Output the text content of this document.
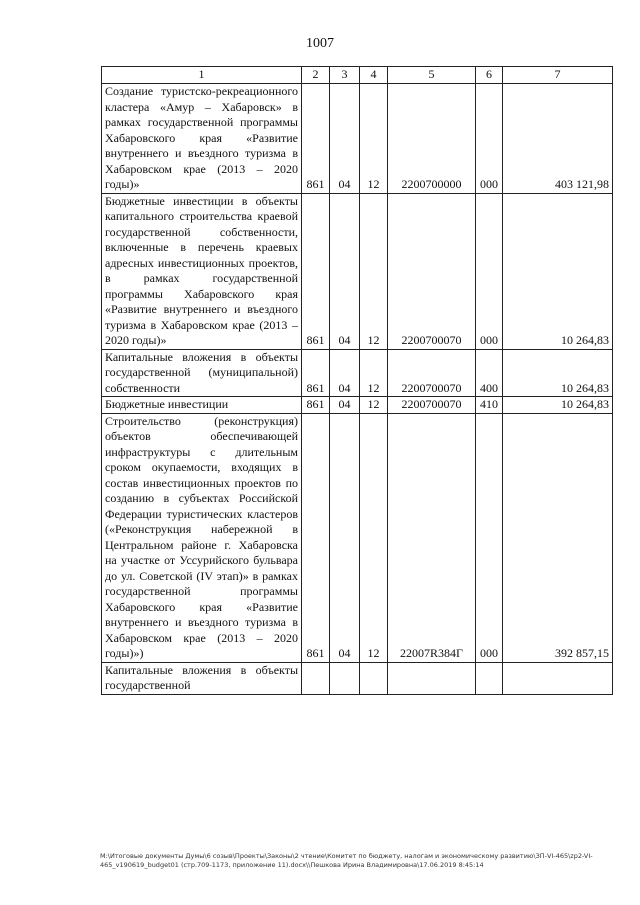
1007
1	2	3	4	5	6	7
Создание туристско-рекреационного кластера «Амур – Хабаровск» в рамках государственной программы Хабаровского края «Развитие внутреннего и въездного туризма в Хабаровском крае (2013 – 2020 годы)»	861	04	12	2200700000	000	403 121,98
Бюджетные инвестиции в объекты капитального строительства краевой государственной собственности, включенные в перечень краевых адресных инвестиционных проектов, в рамках государственной программы Хабаровского края «Развитие внутреннего и въездного туризма в Хабаровском крае (2013 – 2020 годы)»	861	04	12	2200700070	000	10 264,83
Капитальные вложения в объекты государственной (муниципальной) собственности	861	04	12	2200700070	400	10 264,83
Бюджетные инвестиции	861	04	12	2200700070	410	10 264,83
Строительство (реконструкция) объектов обеспечивающей инфраструктуры с длительным сроком окупаемости, входящих в состав инвестиционных проектов по созданию в субъектах Российской Федерации туристических кластеров («Реконструкция набережной в Центральном районе г. Хабаровска на участке от Уссурийского бульвара до ул. Советской (IV этап)» в рамках государственной программы Хабаровского края «Развитие внутреннего и въездного туризма в Хабаровском крае (2013 – 2020 годы)»)	861	04	12	22007R384Г	000	392 857,15
Капитальные вложения в объекты государственной						
М:\Итоговые документы Думы\6 созыв\Проекты\Законы\2 чтение\Комитет по бюджету, налогам и экономическому развитию\ЗП-VI-465\zp2-VI-465_v190619_budget01 (стр.709-1173, приложение 11).docx\\Пешкова Ирина Владимировна\17.06.2019 8:45:14
